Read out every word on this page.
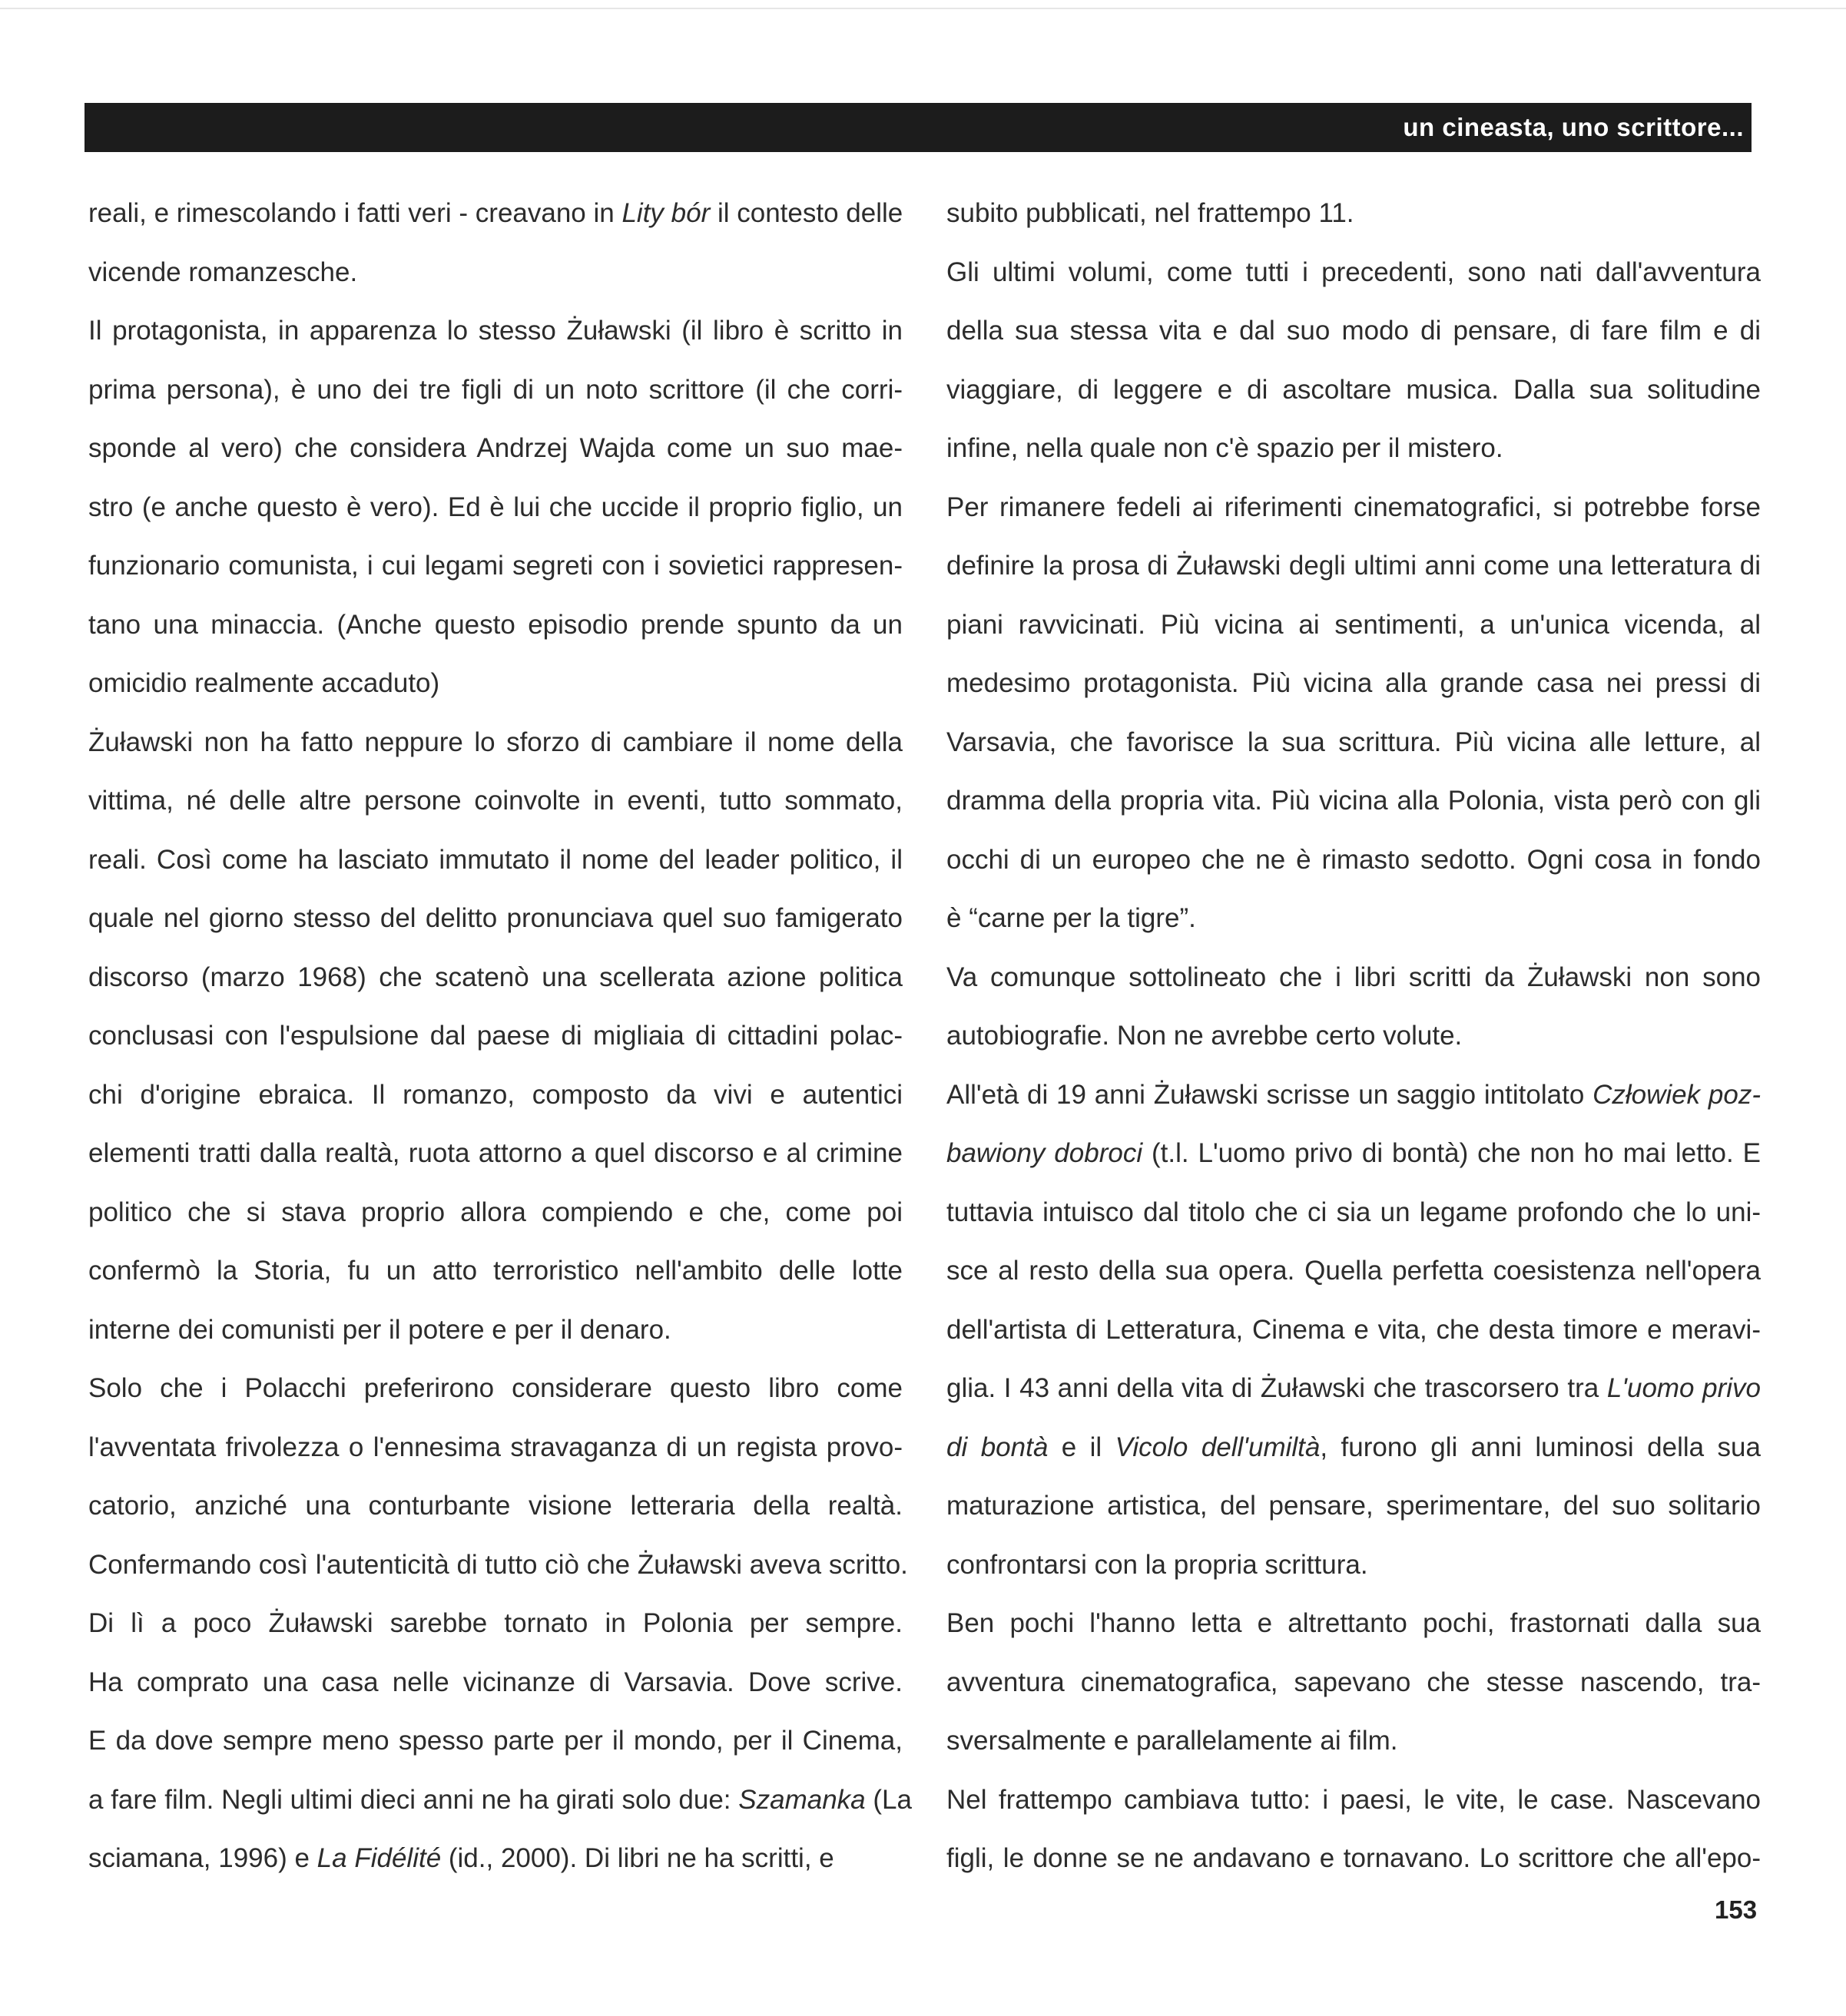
un cineasta, uno scrittore...
reali, e rimescolando i fatti veri - creavano in Lity bór il contesto delle
vicende romanzesche.
Il protagonista, in apparenza lo stesso Żuławski (il libro è scritto in
prima persona), è uno dei tre figli di un noto scrittore (il che corri-
sponde al vero) che considera Andrzej Wajda come un suo mae-
stro (e anche questo è vero). Ed è lui che uccide il proprio figlio, un
funzionario comunista, i cui legami segreti con i sovietici rappresen-
tano una minaccia. (Anche questo episodio prende spunto da un
omicidio realmente accaduto)
Żuławski non ha fatto neppure lo sforzo di cambiare il nome della
vittima, né delle altre persone coinvolte in eventi, tutto sommato,
reali. Così come ha lasciato immutato il nome del leader politico, il
quale nel giorno stesso del delitto pronunciava quel suo famigerato
discorso (marzo 1968) che scatenò una scellerata azione politica
conclusasi con l'espulsione dal paese di migliaia di cittadini polac-
chi d'origine ebraica. Il romanzo, composto da vivi e autentici
elementi tratti dalla realtà, ruota attorno a quel discorso e al crimine
politico che si stava proprio allora compiendo e che, come poi
confermò la Storia, fu un atto terroristico nell'ambito delle lotte
interne dei comunisti per il potere e per il denaro.
Solo che i Polacchi preferirono considerare questo libro come
l'avventata frivolezza o l'ennesima stravaganza di un regista provo-
catorio, anziché una conturbante visione letteraria della realtà.
Confermando così l'autenticità di tutto ciò che Żuławski aveva scritto.
Di lì a poco Żuławski sarebbe tornato in Polonia per sempre.
Ha comprato una casa nelle vicinanze di Varsavia. Dove scrive.
E da dove sempre meno spesso parte per il mondo, per il Cinema,
a fare film. Negli ultimi dieci anni ne ha girati solo due: Szamanka (La
sciamana, 1996) e La Fidélité (id., 2000). Di libri ne ha scritti, e
subito pubblicati, nel frattempo 11.
Gli ultimi volumi, come tutti i precedenti, sono nati dall'avventura
della sua stessa vita e dal suo modo di pensare, di fare film e di
viaggiare, di leggere e di ascoltare musica. Dalla sua solitudine
infine, nella quale non c'è spazio per il mistero.
Per rimanere fedeli ai riferimenti cinematografici, si potrebbe forse
definire la prosa di Żuławski degli ultimi anni come una letteratura di
piani ravvicinati. Più vicina ai sentimenti, a un'unica vicenda, al
medesimo protagonista. Più vicina alla grande casa nei pressi di
Varsavia, che favorisce la sua scrittura. Più vicina alle letture, al
dramma della propria vita. Più vicina alla Polonia, vista però con gli
occhi di un europeo che ne è rimasto sedotto. Ogni cosa in fondo
è “carne per la tigre”.
Va comunque sottolineato che i libri scritti da Żuławski non sono
autobiografie. Non ne avrebbe certo volute.
All'età di 19 anni Żuławski scrisse un saggio intitolato Człowiek poz-
bawiony dobroci (t.l. L'uomo privo di bontà) che non ho mai letto. E
tuttavia intuisco dal titolo che ci sia un legame profondo che lo uni-
sce al resto della sua opera. Quella perfetta coesistenza nell'opera
dell'artista di Letteratura, Cinema e vita, che desta timore e meravi-
glia. I 43 anni della vita di Żuławski che trascorsero tra L'uomo privo
di bontà e il Vicolo dell'umiltà, furono gli anni luminosi della sua
maturazione artistica, del pensare, sperimentare, del suo solitario
confrontarsi con la propria scrittura.
Ben pochi l'hanno letta e altrettanto pochi, frastornati dalla sua
avventura cinematografica, sapevano che stesse nascendo, tra-
sversalmente e parallelamente ai film.
Nel frattempo cambiava tutto: i paesi, le vite, le case. Nascevano
figli, le donne se ne andavano e tornavano. Lo scrittore che all'epo-
153
